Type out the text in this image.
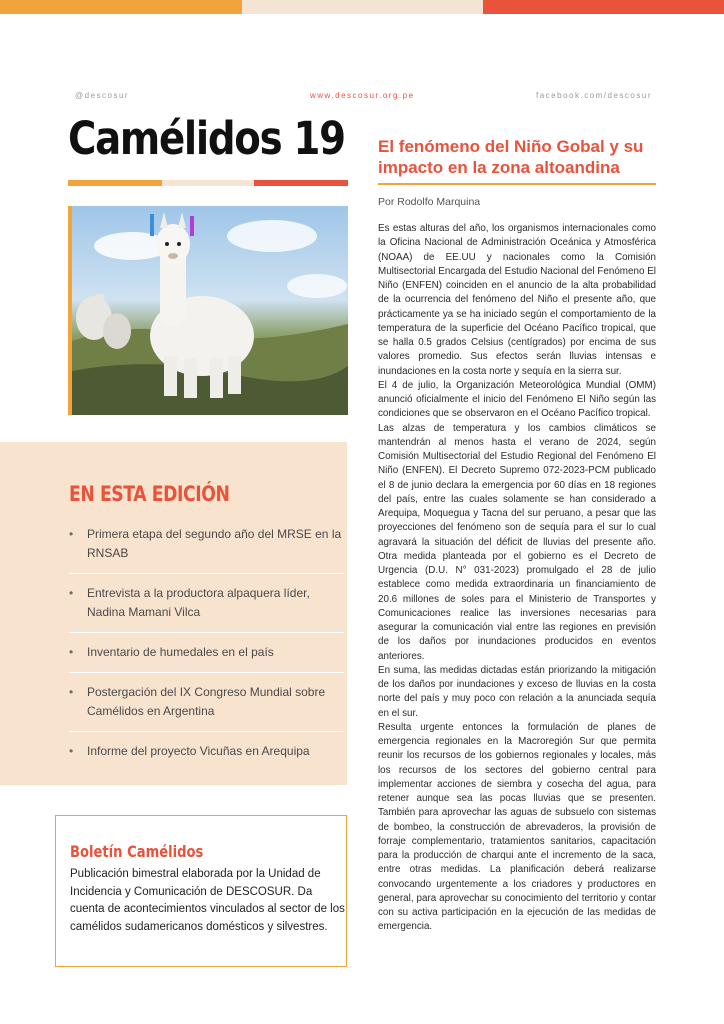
@descosur	www.descosur.org.pe	facebook.com/descosur
Camélidos 19
EN ESTA EDICIÓN
• Primera etapa del segundo año del MRSE en la RNSAB
• Entrevista a la productora alpaquera líder, Nadina Mamani Vilca
• Inventario de humedales en el país
• Postergación del IX Congreso Mundial sobre Camélidos en Argentina
• Informe del proyecto Vicuñas en Arequipa
Boletín Camélidos
Publicación bimestral elaborada por la Unidad de Incidencia y Comunicación de DESCOSUR. Da cuenta de acontecimientos vinculados al sector de los camélidos sudamericanos domésticos y silvestres.
El fenómeno del Niño Gobal y su impacto en la zona altoandina
Por Rodolfo Marquina

Es estas alturas del año, los organismos internacionales como la Oficina Nacional de Administración Oceánica y Atmosférica (NOAA) de EE.UU y nacionales como la Comisión Multisectorial Encargada del Estudio Nacional del Fenómeno El Niño (ENFEN) coinciden en el anuncio de la alta probabilidad de la ocurrencia del fenómeno del Niño el presente año, que prácticamente ya se ha iniciado según el comportamiento de la temperatura de la superficie del Océano Pacífico tropical, que se halla 0.5 grados Celsius (centígrados) por encima de sus valores promedio. Sus efectos serán lluvias intensas e inundaciones en la costa norte y sequía en la sierra sur.

El 4 de julio, la Organización Meteorológica Mundial (OMM) anunció oficialmente el inicio del Fenómeno El Niño según las condiciones que se observaron en el Océano Pacífico tropical.

Las alzas de temperatura y los cambios climáticos se mantendrán al menos hasta el verano de 2024, según Comisión Multisectorial del Estudio Regional del Fenómeno El Niño (ENFEN). El Decreto Supremo 072-2023-PCM publicado el 8 de junio declara la emergencia por 60 días en 18 regiones del país, entre las cuales solamente se han considerado a Arequipa, Moquegua y Tacna del sur peruano, a pesar que las proyecciones del fenómeno son de sequía para el sur lo cual agravará la situación del déficit de lluvias del presente año. Otra medida planteada por el gobierno es el Decreto de Urgencia (D.U. N° 031-2023) promulgado el 28 de julio establece como medida extraordinaria un financiamiento de 20.6 millones de soles para el Ministerio de Transportes y Comunicaciones realice las inversiones necesarias para asegurar la comunicación vial entre las regiones en previsión de los daños por inundaciones producidos en eventos anteriores.

En suma, las medidas dictadas están priorizando la mitigación de los daños por inundaciones y exceso de lluvias en la costa norte del país y muy poco con relación a la anunciada sequía en el sur.

Resulta urgente entonces la formulación de planes de emergencia regionales en la Macroregión Sur que permita reunir los recursos de los gobiernos regionales y locales, más los recursos de los sectores del gobierno central para implementar acciones de siembra y cosecha del agua, para retener aunque sea las pocas lluvias que se presenten. También para aprovechar las aguas de subsuelo con sistemas de bombeo, la construcción de abrevaderos, la provisión de forraje complementario, tratamientos sanitarios, capacitación para la producción de charqui ante el incremento de la saca, entre otras medidas. La planificación deberá realizarse convocando urgentemente a los criadores y productores en general, para aprovechar su conocimiento del territorio y contar con su activa participación en la ejecución de las medidas de emergencia.
